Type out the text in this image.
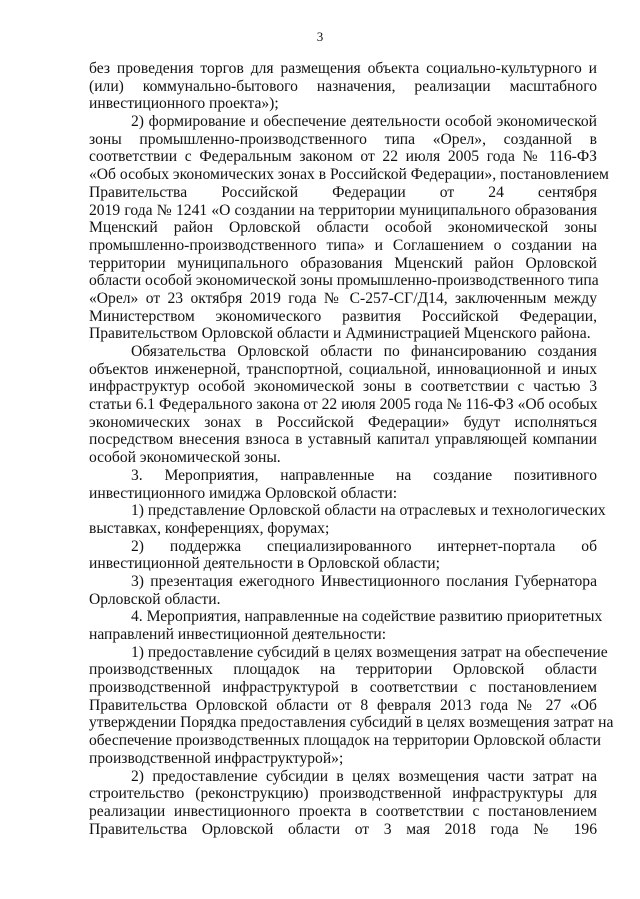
3
без проведения торгов для размещения объекта социально-культурного и
(или) коммунально-бытового назначения, реализации масштабного
инвестиционного проекта»);
2) формирование и обеспечение деятельности особой экономической
зоны промышленно-производственного типа «Орел», созданной в
соответствии с Федеральным законом от 22 июля 2005 года № 116-ФЗ
«Об особых экономических зонах в Российской Федерации», постановлением
Правительства Российской Федерации от 24 сентября
2019 года № 1241 «О создании на территории муниципального образования
Мценский район Орловской области особой экономической зоны
промышленно-производственного типа» и Соглашением о создании на
территории муниципального образования Мценский район Орловской
области особой экономической зоны промышленно-производственного типа
«Орел» от 23 октября 2019 года № С-257-СГ/Д14, заключенным между
Министерством экономического развития Российской Федерации,
Правительством Орловской области и Администрацией Мценского района.
Обязательства Орловской области по финансированию создания
объектов инженерной, транспортной, социальной, инновационной и иных
инфраструктур особой экономической зоны в соответствии с частью 3
статьи 6.1 Федерального закона от 22 июля 2005 года № 116-ФЗ «Об особых
экономических зонах в Российской Федерации» будут исполняться
посредством внесения взноса в уставный капитал управляющей компании
особой экономической зоны.
3. Мероприятия, направленные на создание позитивного
инвестиционного имиджа Орловской области:
1) представление Орловской области на отраслевых и технологических
выставках, конференциях, форумах;
2) поддержка специализированного интернет-портала об
инвестиционной деятельности в Орловской области;
3) презентация ежегодного Инвестиционного послания Губернатора
Орловской области.
4. Мероприятия, направленные на содействие развитию приоритетных
направлений инвестиционной деятельности:
1) предоставление субсидий в целях возмещения затрат на обеспечение
производственных площадок на территории Орловской области
производственной инфраструктурой в соответствии с постановлением
Правительства Орловской области от 8 февраля 2013 года № 27 «Об
утверждении Порядка предоставления субсидий в целях возмещения затрат на
обеспечение производственных площадок на территории Орловской области
производственной инфраструктурой»;
2) предоставление субсидии в целях возмещения части затрат на
строительство (реконструкцию) производственной инфраструктуры для
реализации инвестиционного проекта в соответствии с постановлением
Правительства Орловской области от 3 мая 2018 года № 196
